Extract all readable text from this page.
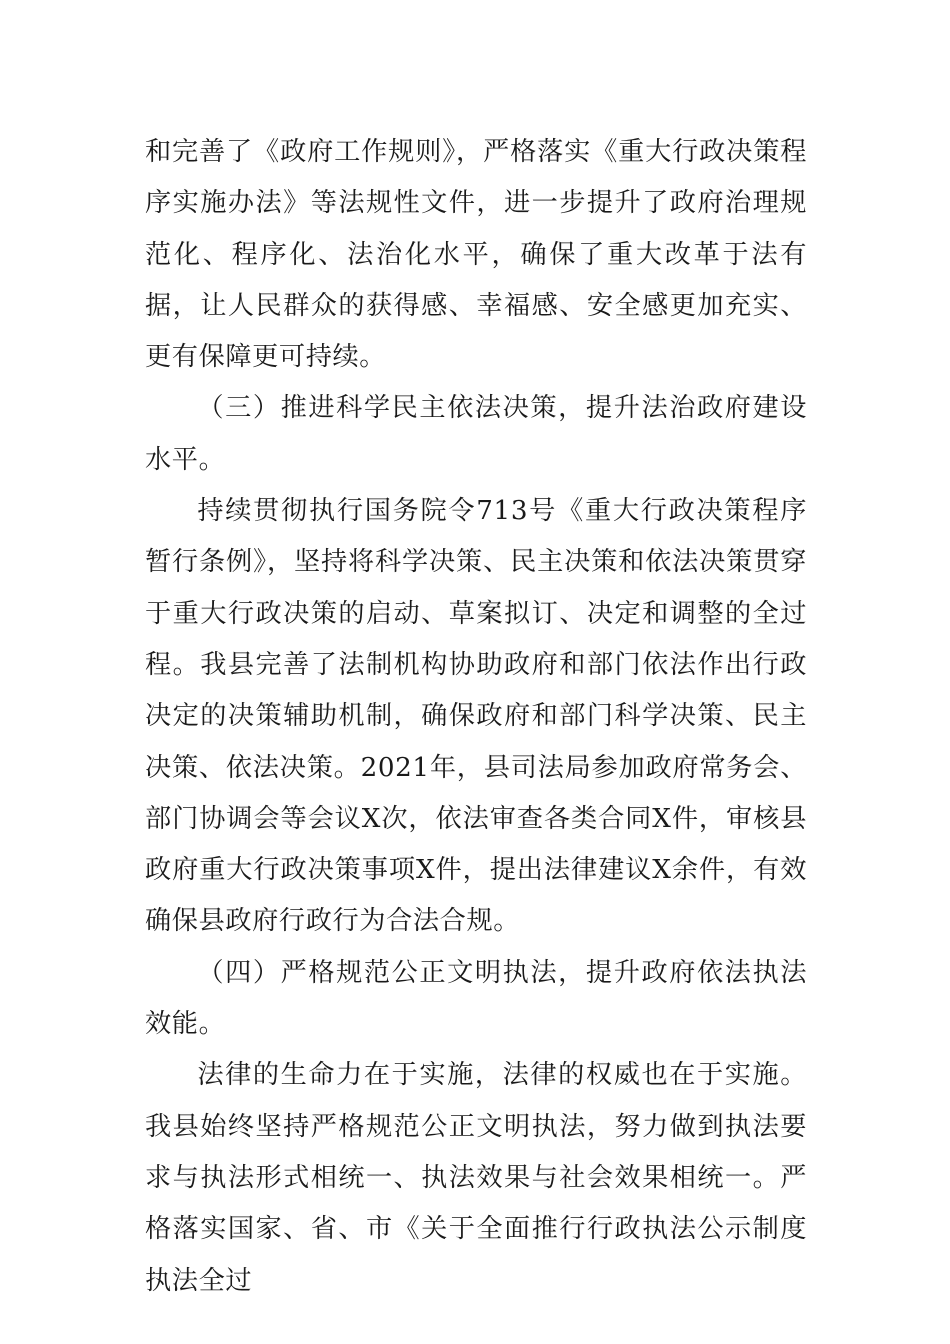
和完善了《政府工作规则》，严格落实《重大行政决策程序实施办法》等法规性文件，进一步提升了政府治理规范化、程序化、法治化水平，确保了重大改革于法有据，让人民群众的获得感、幸福感、安全感更加充实、更有保障更可持续。

（三）推进科学民主依法决策，提升法治政府建设水平。

持续贯彻执行国务院令713号《重大行政决策程序暂行条例》，坚持将科学决策、民主决策和依法决策贯穿于重大行政决策的启动、草案拟订、决定和调整的全过程。我县完善了法制机构协助政府和部门依法作出行政决定的决策辅助机制，确保政府和部门科学决策、民主决策、依法决策。2021年，县司法局参加政府常务会、部门协调会等会议X次，依法审查各类合同X件，审核县政府重大行政决策事项X件，提出法律建议X余件，有效确保县政府行政行为合法合规。

（四）严格规范公正文明执法，提升政府依法执法效能。

法律的生命力在于实施，法律的权威也在于实施。我县始终坚持严格规范公正文明执法，努力做到执法要求与执法形式相统一、执法效果与社会效果相统一。严格落实国家、省、市《关于全面推行行政执法公示制度执法全过
